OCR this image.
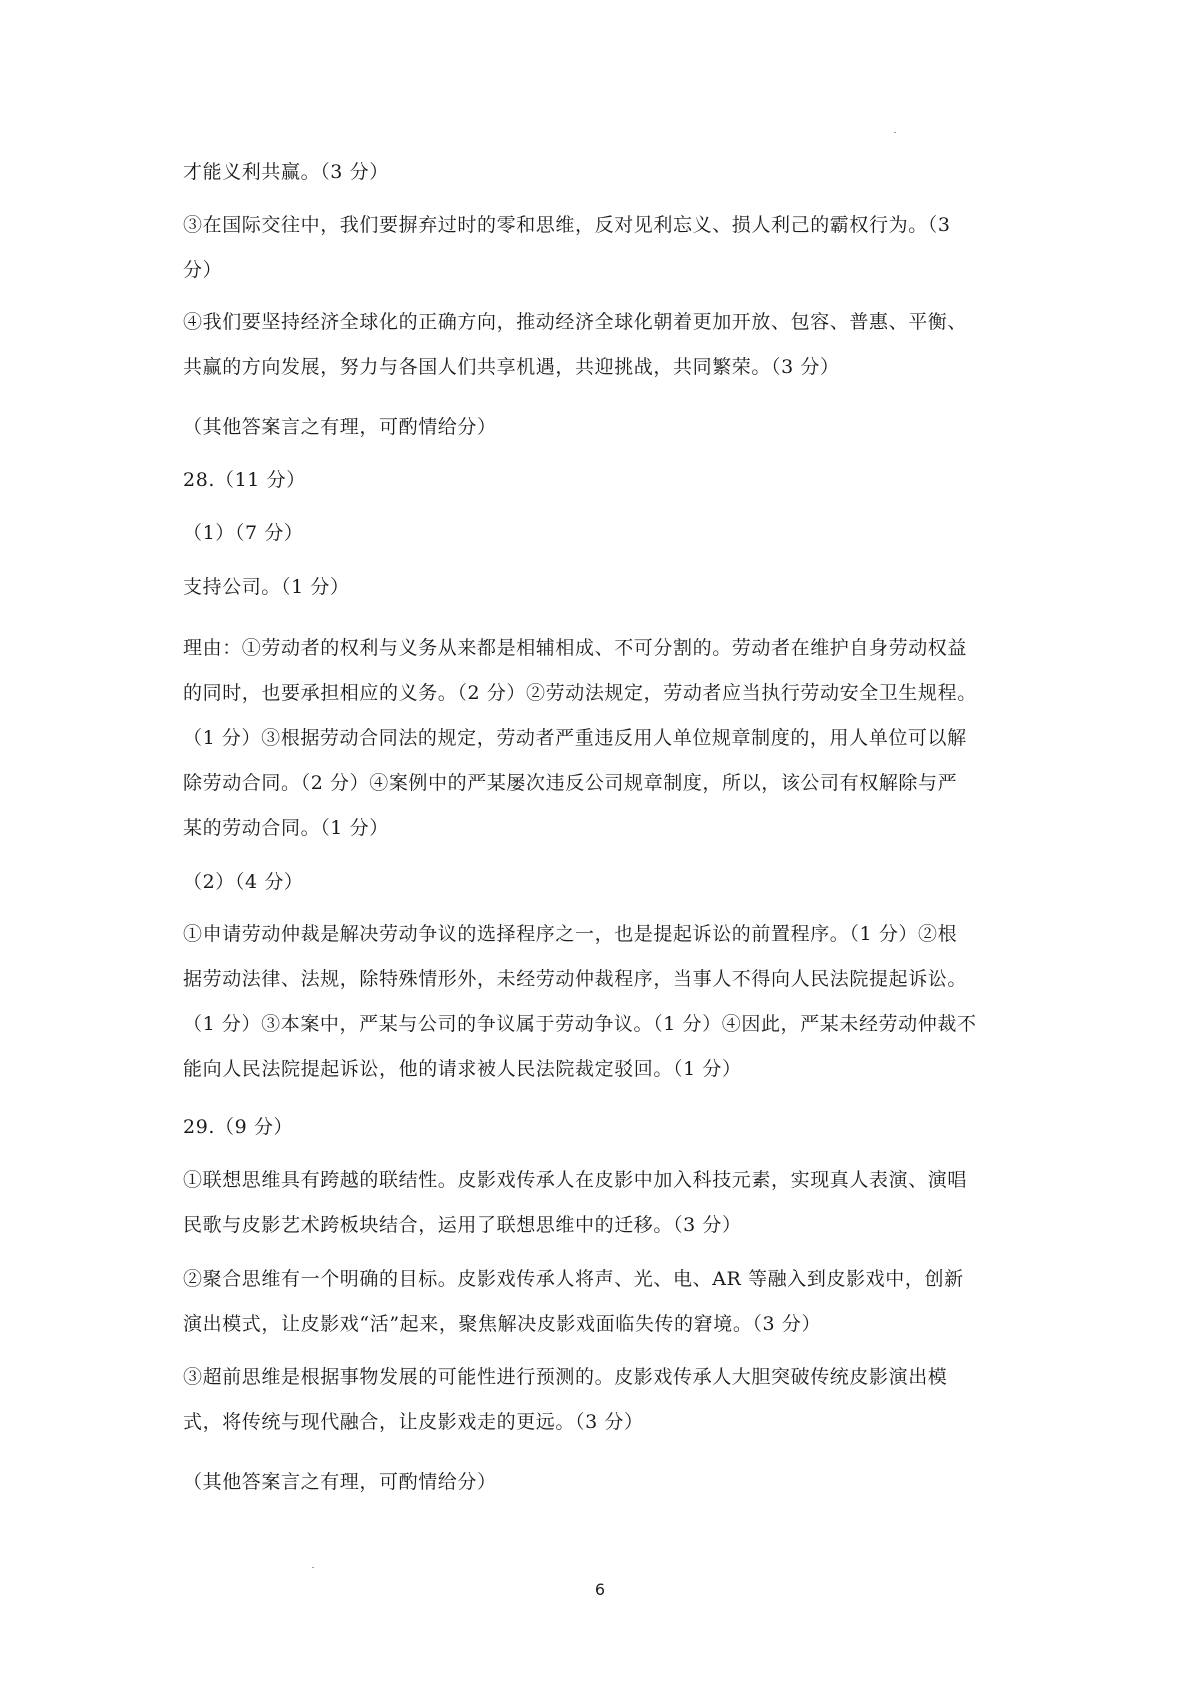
才能义利共赢。（3 分）
③在国际交往中，我们要摒弃过时的零和思维，反对见利忘义、损人利己的霸权行为。（3
分）
④我们要坚持经济全球化的正确方向，推动经济全球化朝着更加开放、包容、普惠、平衡、
共赢的方向发展，努力与各国人们共享机遇，共迎挑战，共同繁荣。（3 分）
（其他答案言之有理，可酌情给分）
28.（11 分）
（1）（7 分）
支持公司。（1 分）
理由：①劳动者的权利与义务从来都是相辅相成、不可分割的。劳动者在维护自身劳动权益
的同时，也要承担相应的义务。（2 分）②劳动法规定，劳动者应当执行劳动安全卫生规程。
（1 分）③根据劳动合同法的规定，劳动者严重违反用人单位规章制度的，用人单位可以解
除劳动合同。（2 分）④案例中的严某屡次违反公司规章制度，所以，该公司有权解除与严
某的劳动合同。（1 分）
（2）（4 分）
①申请劳动仲裁是解决劳动争议的选择程序之一，也是提起诉讼的前置程序。（1 分）②根
据劳动法律、法规，除特殊情形外，未经劳动仲裁程序，当事人不得向人民法院提起诉讼。
（1 分）③本案中，严某与公司的争议属于劳动争议。（1 分）④因此，严某未经劳动仲裁不
能向人民法院提起诉讼，他的请求被人民法院裁定驳回。（1 分）
29.（9 分）
①联想思维具有跨越的联结性。皮影戏传承人在皮影中加入科技元素，实现真人表演、演唱
民歌与皮影艺术跨板块结合，运用了联想思维中的迁移。（3 分）
②聚合思维有一个明确的目标。皮影戏传承人将声、光、电、AR 等融入到皮影戏中，创新
演出模式，让皮影戏“活”起来，聚焦解决皮影戏面临失传的窘境。（3 分）
③超前思维是根据事物发展的可能性进行预测的。皮影戏传承人大胆突破传统皮影演出模
式，将传统与现代融合，让皮影戏走的更远。（3 分）
（其他答案言之有理，可酌情给分）
6
